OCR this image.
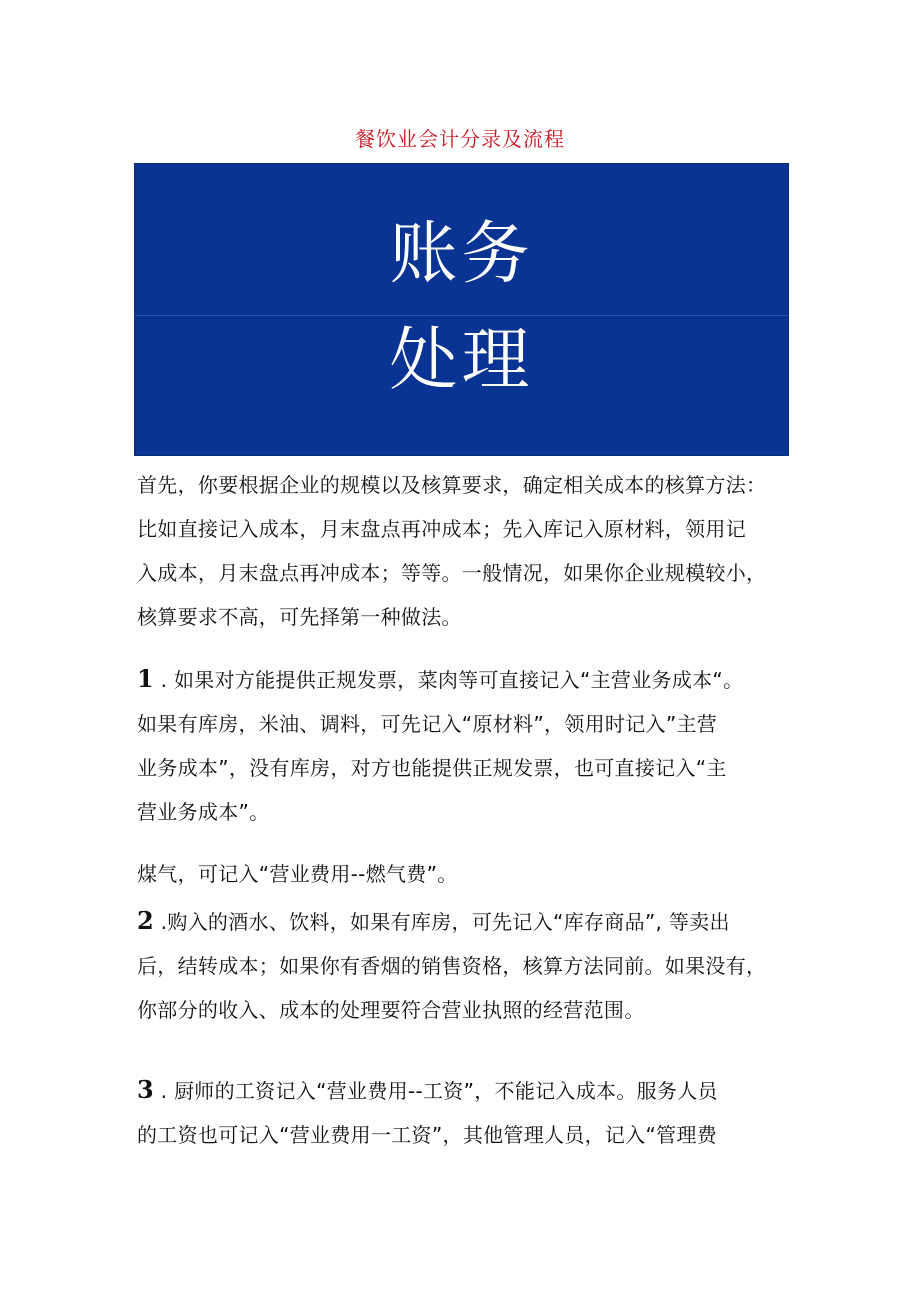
餐饮业会计分录及流程
账务
处理
首先，你要根据企业的规模以及核算要求，确定相关成本的核算方法：
比如直接记入成本，月末盘点再冲成本；先入库记入原材料，领用记
入成本，月末盘点再冲成本；等等。一般情况，如果你企业规模较小，
核算要求不高，可先择第一种做法。
1 . 如果对方能提供正规发票，菜肉等可直接记入“主营业务成本“。
如果有库房，米油、调料，可先记入“原材料”，领用时记入”主营
业务成本”，没有库房，对方也能提供正规发票，也可直接记入“主
营业务成本”。
煤气，可记入“营业费用--燃气费”。
2 .购入的酒水、饮料，如果有库房，可先记入“库存商品”, 等卖出
后，结转成本；如果你有香烟的销售资格，核算方法同前。如果没有，
你部分的收入、成本的处理要符合营业执照的经营范围。
3 . 厨师的工资记入“营业费用--工资”，不能记入成本。服务人员
的工资也可记入“营业费用一工资”，其他管理人员，记入“管理费
